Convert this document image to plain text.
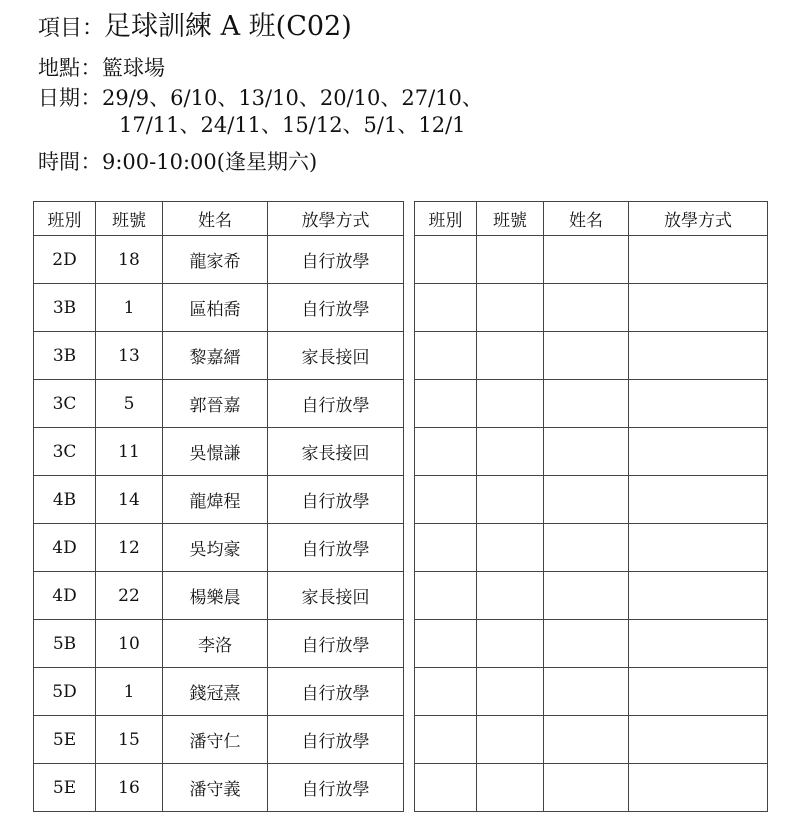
項目：足球訓練 A 班(C02)
地點：籃球場
日期：29/9、6/10、13/10、20/10、27/10、
17/11、24/11、15/12、5/1、12/1
時間：9:00-10:00(逢星期六)
班別	班號	姓名	放學方式
2D	18	龍家希	自行放學
3B	1	區柏喬	自行放學
3B	13	黎嘉縉	家長接回
3C	5	郭晉嘉	自行放學
3C	11	吳憬謙	家長接回
4B	14	龍煒程	自行放學
4D	12	吳均豪	自行放學
4D	22	楊樂晨	家長接回
5B	10	李洛	自行放學
5D	1	錢冠熹	自行放學
5E	15	潘守仁	自行放學
5E	16	潘守義	自行放學
班別	班號	姓名	放學方式
